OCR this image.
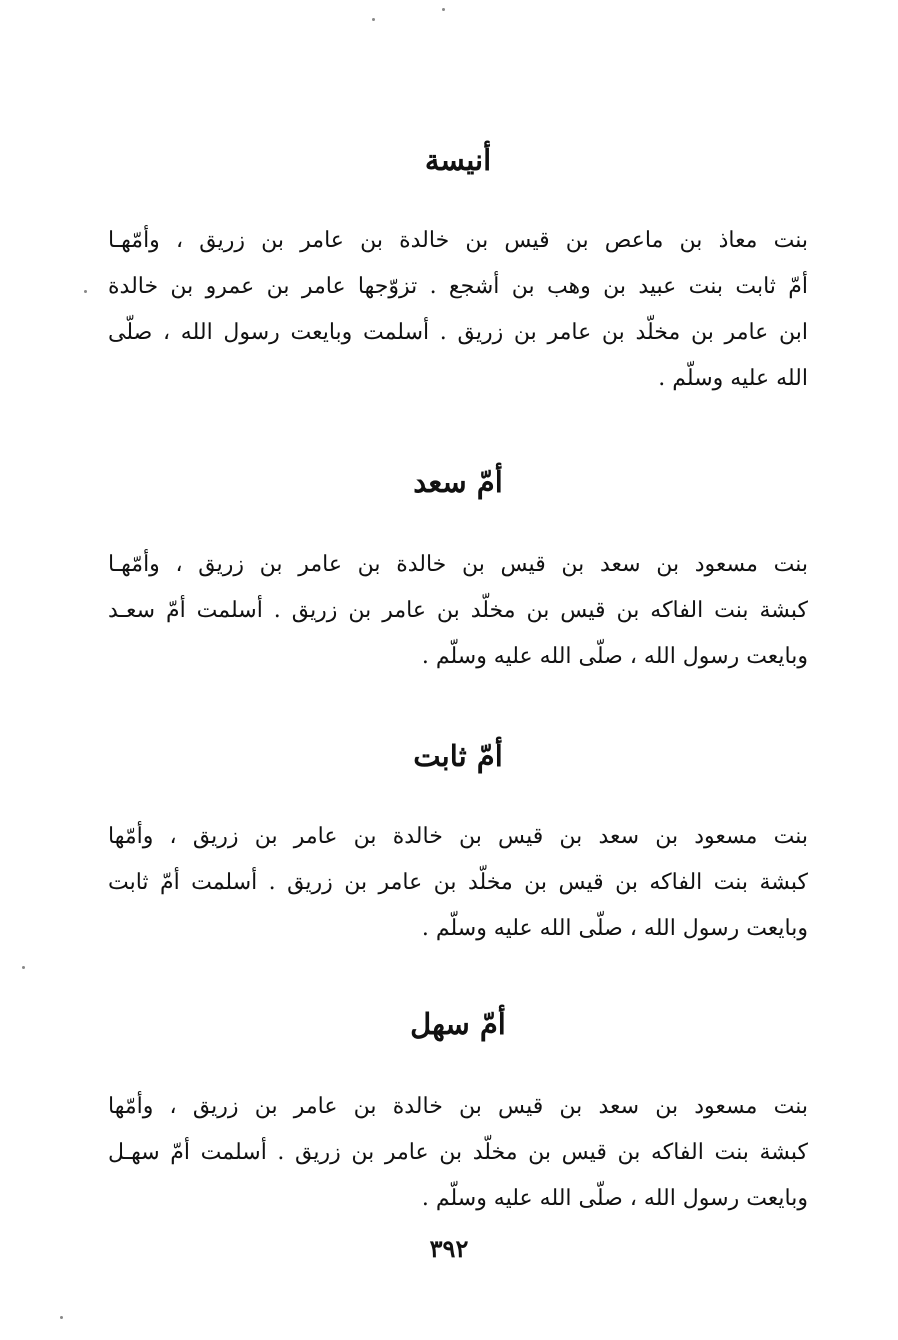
أنيسة
بنت معاذ بن ماعص بن قيس بن خالدة بن عامر بن زريق ، وأمّهـا
أمّ ثابت بنت عبيد بن وهب بن أشجع . تزوّجها عامر بن عمرو بن خالدة
ابن عامر بن مخلّد بن عامر بن زريق . أسلمت وبايعت رسول الله ، صلّى
الله عليه وسلّم .
أمّ سعد
بنت مسعود بن سعد بن قيس بن خالدة بن عامر بن زريق ، وأمّهـا
كبشة بنت الفاكه بن قيس بن مخلّد بن عامر بن زريق . أسلمت أمّ سعـد
وبايعت رسول الله ، صلّى الله عليه وسلّم .
أمّ ثابت
بنت مسعود بن سعد بن قيس بن خالدة بن عامر بن زريق ، وأمّها
كبشة بنت الفاكه بن قيس بن مخلّد بن عامر بن زريق . أسلمت أمّ ثابت
وبايعت رسول الله ، صلّى الله عليه وسلّم .
أمّ سهل
بنت مسعود بن سعد بن قيس بن خالدة بن عامر بن زريق ، وأمّها
كبشة بنت الفاكه بن قيس بن مخلّد بن عامر بن زريق . أسلمت أمّ سهـل
وبايعت رسول الله ، صلّى الله عليه وسلّم .
٣٩٢
